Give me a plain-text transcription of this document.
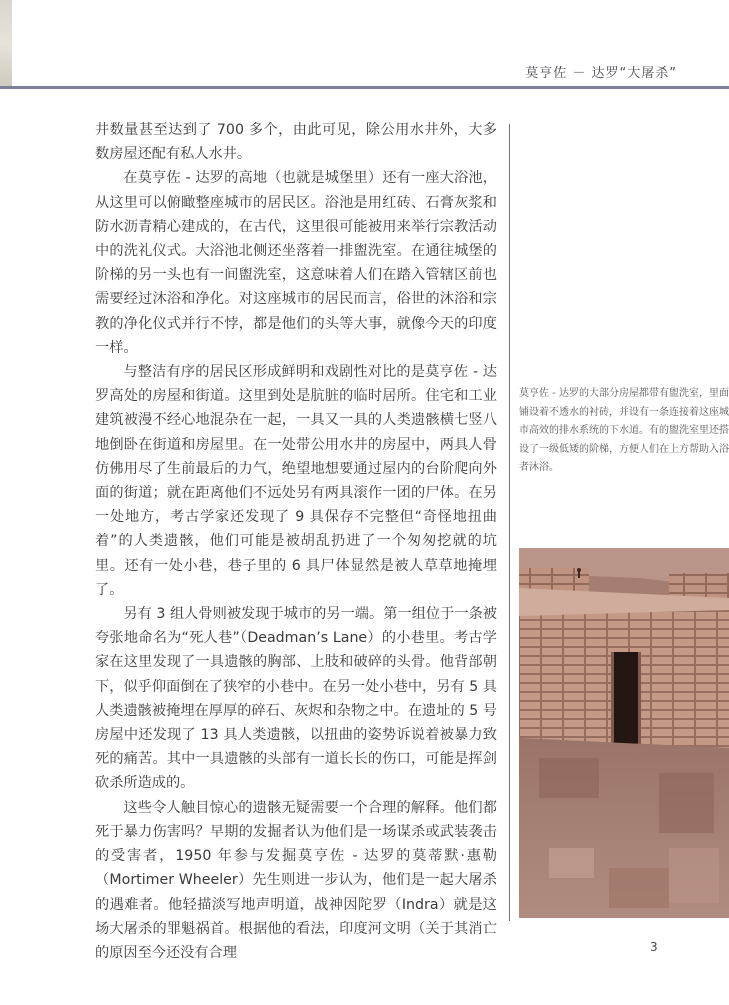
莫亨佐 － 达罗“大屠杀”

井数量甚至达到了 700 多个，由此可见，除公用水井外，大多数房屋还配有私人水井。

在莫亨佐 - 达罗的高地（也就是城堡里）还有一座大浴池，从这里可以俯瞰整座城市的居民区。浴池是用红砖、石膏灰浆和防水沥青精心建成的，在古代，这里很可能被用来举行宗教活动中的洗礼仪式。大浴池北侧还坐落着一排盥洗室。在通往城堡的阶梯的另一头也有一间盥洗室，这意味着人们在踏入管辖区前也需要经过沐浴和净化。对这座城市的居民而言，俗世的沐浴和宗教的净化仪式并行不悖，都是他们的头等大事，就像今天的印度一样。

与整洁有序的居民区形成鲜明和戏剧性对比的是莫亨佐 - 达罗高处的房屋和街道。这里到处是肮脏的临时居所。住宅和工业建筑被漫不经心地混杂在一起，一具又一具的人类遗骸横七竖八地倒卧在街道和房屋里。在一处带公用水井的房屋中，两具人骨仿佛用尽了生前最后的力气，绝望地想要通过屋内的台阶爬向外面的街道；就在距离他们不远处另有两具滚作一团的尸体。在另一处地方，考古学家还发现了 9 具保存不完整但“奇怪地扭曲着”的人类遗骸，他们可能是被胡乱扔进了一个匆匆挖就的坑里。还有一处小巷，巷子里的 6 具尸体显然是被人草草地掩埋了。

另有 3 组人骨则被发现于城市的另一端。第一组位于一条被夸张地命名为“死人巷”（Deadman’s Lane）的小巷里。考古学家在这里发现了一具遗骸的胸部、上肢和破碎的头骨。他背部朝下，似乎仰面倒在了狭窄的小巷中。在另一处小巷中，另有 5 具人类遗骸被掩埋在厚厚的碎石、灰烬和杂物之中。在遗址的 5 号房屋中还发现了 13 具人类遗骸，以扭曲的姿势诉说着被暴力致死的痛苦。其中一具遗骸的头部有一道长长的伤口，可能是挥剑砍杀所造成的。

这些令人触目惊心的遗骸无疑需要一个合理的解释。他们都死于暴力伤害吗？早期的发掘者认为他们是一场谋杀或武装袭击的受害者，1950 年参与发掘莫亨佐 - 达罗的莫蒂默·惠勒（Mortimer Wheeler）先生则进一步认为，他们是一起大屠杀的遇难者。他轻描淡写地声明道，战神因陀罗（Indra）就是这场大屠杀的罪魁祸首。根据他的看法，印度河文明（关于其消亡的原因至今还没有合理

莫亨佐 - 达罗的大部分房屋都带有盥洗室，里面铺设着不透水的衬砖，并设有一条连接着这座城市高效的排水系统的下水道。有的盥洗室里还搭设了一级低矮的阶梯，方便人们在上方帮助入浴者沐浴。
3
